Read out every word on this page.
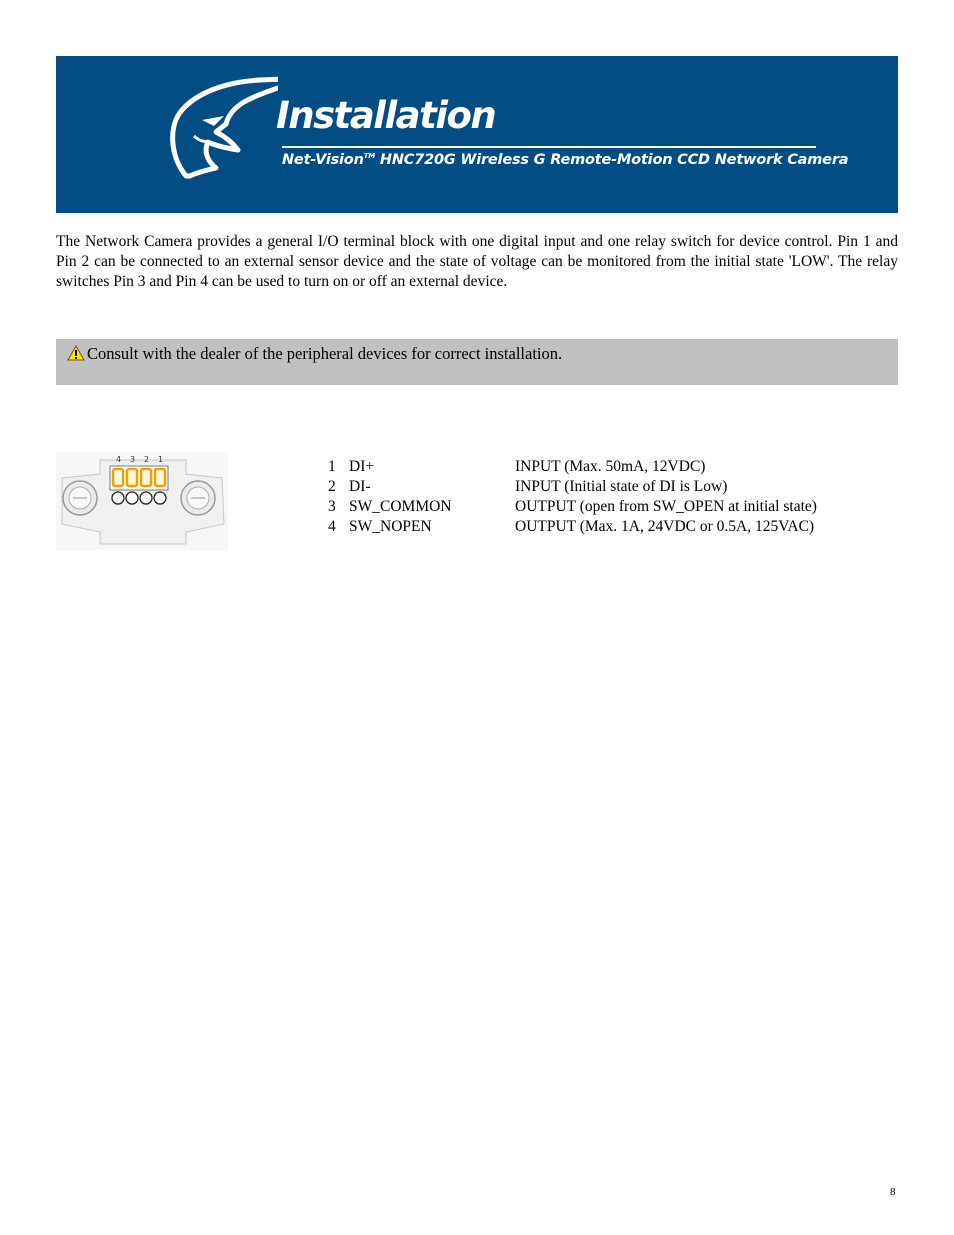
Installation
Net-Vision™ HNC720G Wireless G Remote-Motion CCD Network Camera

The Network Camera provides a general I/O terminal block with one digital input and one relay switch for device control. Pin 1 and Pin 2 can be connected to an external sensor device and the state of voltage can be monitored from the initial state 'LOW'. The relay switches Pin 3 and Pin 4 can be used to turn on or off an external device.

Consult with the dealer of the peripheral devices for correct installation.
4 3 2 1	1 DI+	INPUT (Max. 50mA, 12VDC)
2 DI-	INPUT (Initial state of DI is Low)
3 SW_COMMON	OUTPUT (open from SW_OPEN at initial state)
4 SW_NOPEN	OUTPUT (Max. 1A, 24VDC or 0.5A, 125VAC)
8
